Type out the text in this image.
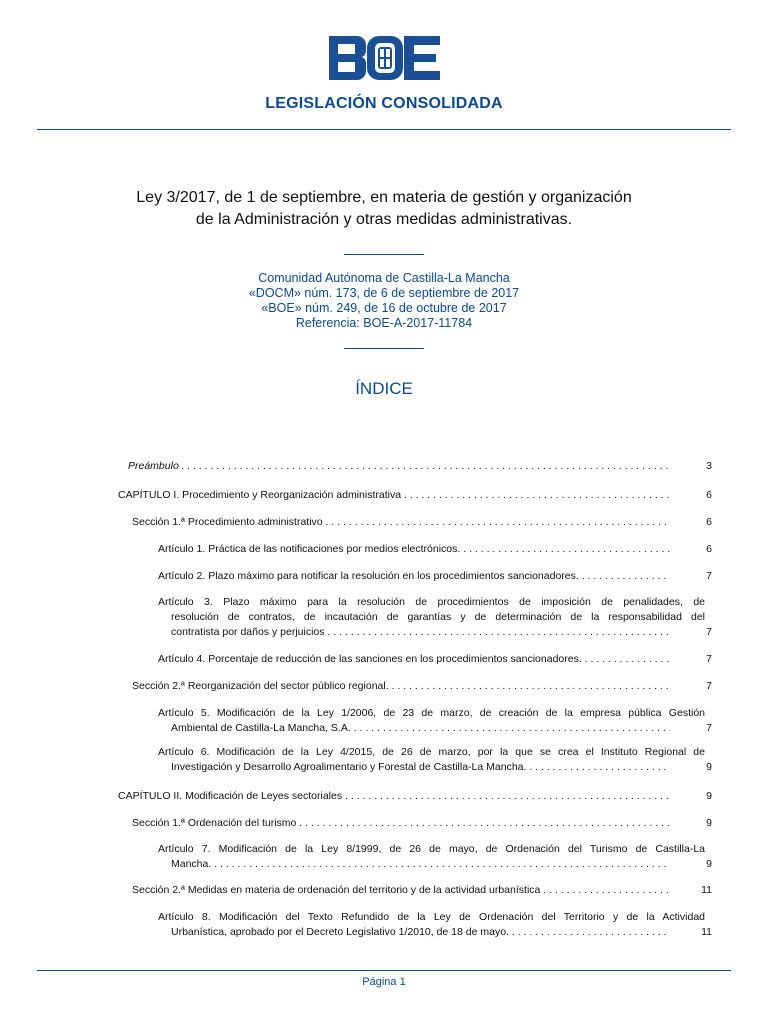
LEGISLACIÓN CONSOLIDADA
Ley 3/2017, de 1 de septiembre, en materia de gestión y organización
de la Administración y otras medidas administrativas.
Comunidad Autónoma de Castilla-La Mancha
«DOCM» núm. 173, de 6 de septiembre de 2017
«BOE» núm. 249, de 16 de octubre de 2017
Referencia: BOE-A-2017-11784
ÍNDICE
Preámbulo . . .	3
CAPÍTULO I. Procedimiento y Reorganización administrativa . . .	6
Sección 1.ª Procedimiento administrativo . . .	6
Artículo 1. Práctica de las notificaciones por medios electrónicos. . . .	6
Artículo 2. Plazo máximo para notificar la resolución en los procedimientos sancionadores. . . .	7
Artículo 3. Plazo máximo para la resolución de procedimientos de imposición de penalidades, de
resolución de contratos, de incautación de garantías y de determinación de la responsabilidad del
contratista por daños y perjuicios . . .	7
Artículo 4. Porcentaje de reducción de las sanciones en los procedimientos sancionadores. . . .	7
Sección 2.ª Reorganización del sector público regional. . . .	7
Artículo 5. Modificación de la Ley 1/2006, de 23 de marzo, de creación de la empresa pública Gestión
Ambiental de Castilla-La Mancha, S.A. . . .	7
Artículo 6. Modificación de la Ley 4/2015, de 26 de marzo, por la que se crea el Instituto Regional de
Investigación y Desarrollo Agroalimentario y Forestal de Castilla-La Mancha. . . .	9
CAPÍTULO II. Modificación de Leyes sectoriales . . .	9
Sección 1.ª Ordenación del turismo . . .	9
Artículo 7. Modificación de la Ley 8/1999, de 26 de mayo, de Ordenación del Turismo de Castilla-La
Mancha. . . .	9
Sección 2.ª Medidas en materia de ordenación del territorio y de la actividad urbanística . . .	11
Artículo 8. Modificación del Texto Refundido de la Ley de Ordenación del Territorio y de la Actividad
Urbanística, aprobado por el Decreto Legislativo 1/2010, de 18 de mayo. . . .	11
Página 1
